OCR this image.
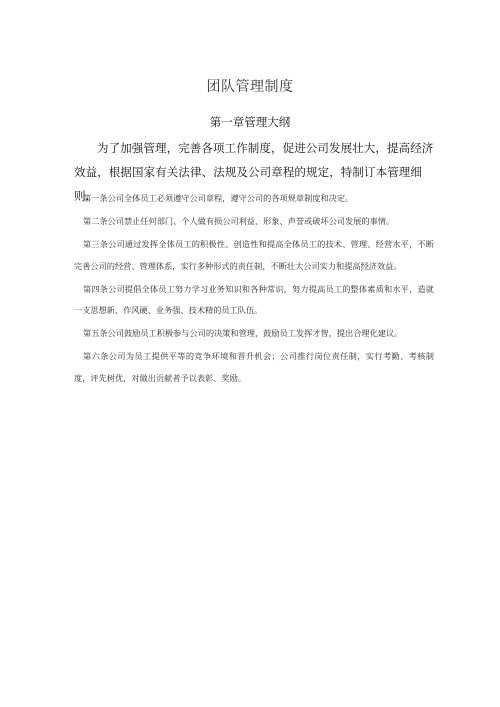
团队管理制度
第一章管理大纲
为了加强管理，完善各项工作制度，促进公司发展壮大，提高经济效益，根据国家有关法律、法规及公司章程的规定，特制订本管理细则.

第一条公司全体员工必须遵守公司章程，遵守公司的各项规章制度和决定。

第二条公司禁止任何部门、个人做有损公司利益、形象、声誉或破坏公司发展的事情。

第三条公司通过发挥全体员工的积极性、创造性和提高全体员工的技术、管理、经营水平，不断完善公司的经营、管理体系，实行多种形式的责任制，不断壮大公司实力和提高经济效益。

第四条公司提倡全体员工努力学习业务知识和各种常识，努力提高员工的整体素质和水平，造就一支思想新、作风硬、业务强、技术精的员工队伍。

第五条公司鼓励员工积极参与公司的决策和管理，鼓励员工发挥才智，提出合理化建议。

第六条公司为员工提供平等的竞争环境和晋升机会；公司推行岗位责任制，实行考勤、考核制度，评先树优，对做出贡献者予以表彰、奖励。
